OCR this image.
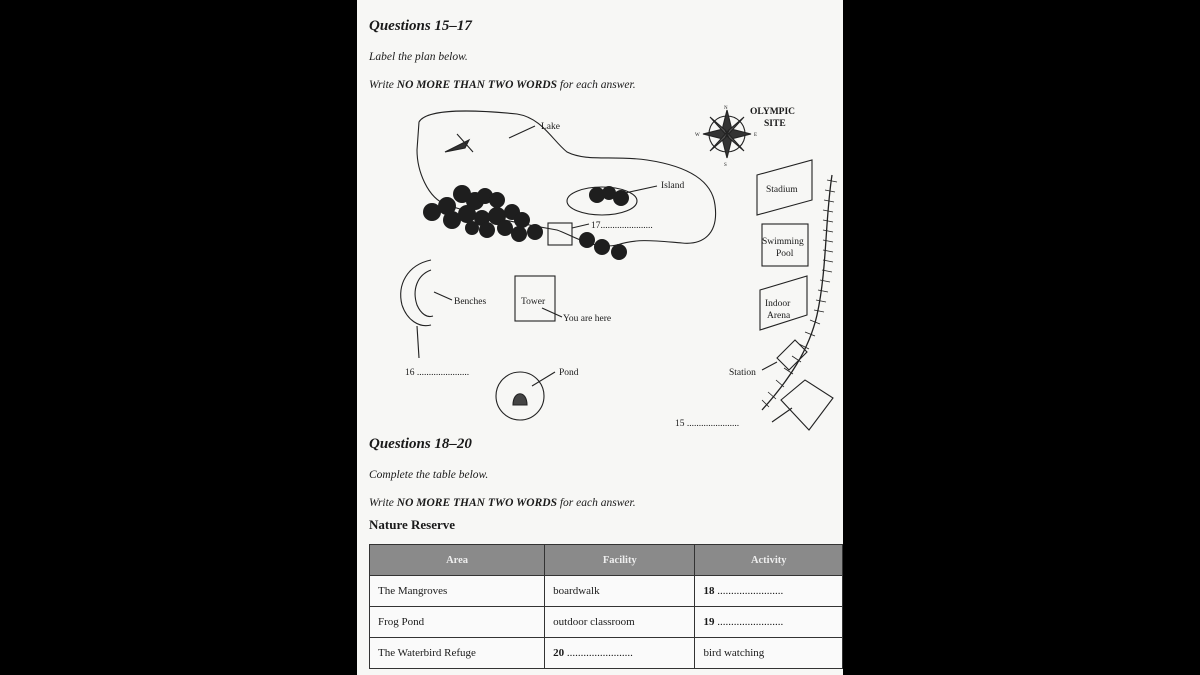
Questions 15–17
Label the plan below.
Write NO MORE THAN TWO WORDS for each answer.
OLYMPIC
SITE
N
S
W	E
Lake
Island
17......................
Stadium
Swimming
Pool
Indoor
Arena
Benches	Tower
You are here
16 ......................	Pond	Station
15 ......................
Questions 18–20
Complete the table below.
Write NO MORE THAN TWO WORDS for each answer.
Nature Reserve
Area	Facility	Activity
The Mangroves	boardwalk	18 ........................
Frog Pond	outdoor classroom	19 ........................
The Waterbird Refuge	20 ........................	bird watching
